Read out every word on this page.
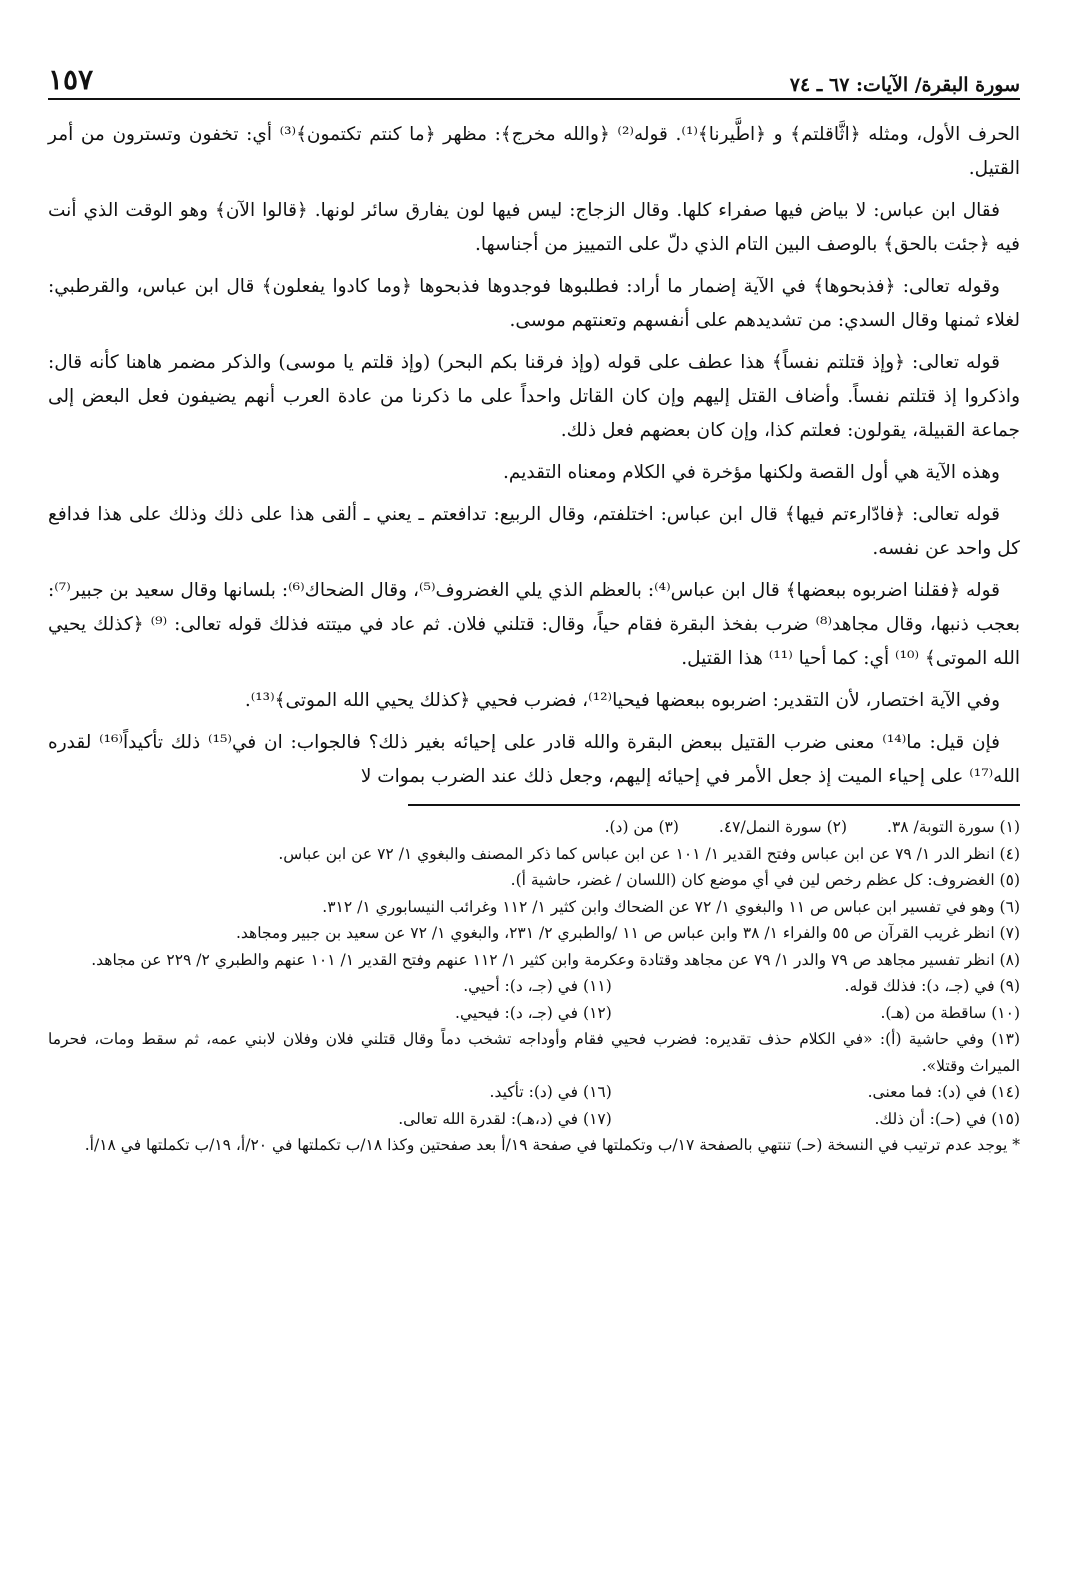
سورة البقرة/ الآيات: ٦٧ ـ ٧٤
١٥٧

الحرف الأول، ومثله ﴿اثَّاقلتم﴾ و ﴿اطَّيرنا﴾⁽¹⁾. قوله⁽²⁾ ﴿والله مخرج﴾: مظهر ﴿ما كنتم تكتمون﴾⁽³⁾ أي: تخفون وتسترون من أمر القتيل.

فقال ابن عباس: لا بياض فيها صفراء كلها. وقال الزجاج: ليس فيها لون يفارق سائر لونها. ﴿قالوا الآن﴾ وهو الوقت الذي أنت فيه ﴿جئت بالحق﴾ بالوصف البين التام الذي دلّ على التمييز من أجناسها.

وقوله تعالى: ﴿فذبحوها﴾ في الآية إضمار ما أراد: فطلبوها فوجدوها فذبحوها ﴿وما كادوا يفعلون﴾ قال ابن عباس، والقرطبي: لغلاء ثمنها وقال السدي: من تشديدهم على أنفسهم وتعنتهم موسى.

قوله تعالى: ﴿وإذ قتلتم نفساً﴾ هذا عطف على قوله (وإذ فرقنا بكم البحر) (وإذ قلتم يا موسى) والذكر مضمر هاهنا كأنه قال: واذكروا إذ قتلتم نفساً. وأضاف القتل إليهم وإن كان القاتل واحداً على ما ذكرنا من عادة العرب أنهم يضيفون فعل البعض إلى جماعة القبيلة، يقولون: فعلتم كذا، وإن كان بعضهم فعل ذلك.

وهذه الآية هي أول القصة ولكنها مؤخرة في الكلام ومعناه التقديم.

قوله تعالى: ﴿فادّارءتم فيها﴾ قال ابن عباس: اختلفتم، وقال الربيع: تدافعتم ـ يعني ـ ألقى هذا على ذلك وذلك على هذا فدافع كل واحد عن نفسه.

قوله ﴿فقلنا اضربوه ببعضها﴾ قال ابن عباس⁽⁴⁾: بالعظم الذي يلي الغضروف⁽⁵⁾، وقال الضحاك⁽⁶⁾: بلسانها وقال سعيد بن جبير⁽⁷⁾: بعجب ذنبها، وقال مجاهد⁽⁸⁾ ضرب بفخذ البقرة فقام حياً، وقال: قتلني فلان. ثم عاد في ميتته فذلك قوله تعالى: ⁽⁹⁾ ﴿كذلك يحيي الله الموتى﴾ ⁽¹⁰⁾ أي: كما أحيا ⁽¹¹⁾ هذا القتيل.

وفي الآية اختصار، لأن التقدير: اضربوه ببعضها فيحيا⁽¹²⁾، فضرب فحيي ﴿كذلك يحيي الله الموتى﴾⁽¹³⁾.

فإن قيل: ما⁽¹⁴⁾ معنى ضرب القتيل ببعض البقرة والله قادر على إحيائه بغير ذلك؟ فالجواب: ان في⁽¹⁵⁾ ذلك تأكيداً⁽¹⁶⁾ لقدره الله⁽¹⁷⁾ على إحياء الميت إذ جعل الأمر في إحيائه إليهم، وجعل ذلك عند الضرب بموات لا

(١) سورة التوبة/ ٣٨.

(٢) سورة النمل/٤٧.

(٣) من (د).

(٤) انظر الدر ١/ ٧٩ عن ابن عباس وفتح القدير ١/ ١٠١ عن ابن عباس كما ذكر المصنف والبغوي ١/ ٧٢ عن ابن عباس.

(٥) الغضروف: كل عظم رخص لين في أي موضع كان (اللسان / غضر، حاشية أ).

(٦) وهو في تفسير ابن عباس ص ١١ والبغوي ١/ ٧٢ عن الضحاك وابن كثير ١/ ١١٢ وغرائب النيسابوري ١/ ٣١٢.

(٧) انظر غريب القرآن ص ٥٥ والفراء ١/ ٣٨ وابن عباس ص ١١ /والطبري ٢/ ٢٣١، والبغوي ١/ ٧٢ عن سعيد بن جبير ومجاهد.

(٨) انظر تفسير مجاهد ص ٧٩ والدر ١/ ٧٩ عن مجاهد وقتادة وعكرمة وابن كثير ١/ ١١٢ عنهم وفتح القدير ١/ ١٠١ عنهم والطبري ٢/ ٢٢٩ عن مجاهد.

(٩) في (جـ، د): فذلك قوله.

(١١) في (جـ، د): أحيي.

(١٠) ساقطة من (هـ).

(١٢) في (جـ، د): فيحيي.

(١٣) وفي حاشية (أ): «في الكلام حذف تقديره: فضرب فحيي فقام وأوداجه تشخب دماً وقال قتلني فلان وفلان لابني عمه، ثم سقط ومات، فحرما الميراث وقتلا».

(١٤) في (د): فما معنى.

(١٦) في (د): تأكيد.

(١٥) في (حـ): أن ذلك.

(١٧) في (د،هـ): لقدرة الله تعالى.

* يوجد عدم ترتيب في النسخة (حـ) تنتهي بالصفحة ١٧/ب وتكملتها في صفحة ١٩/أ بعد صفحتين وكذا ١٨/ب تكملتها في ٢٠/أ، ١٩/ب تكملتها في ١٨/أ.
